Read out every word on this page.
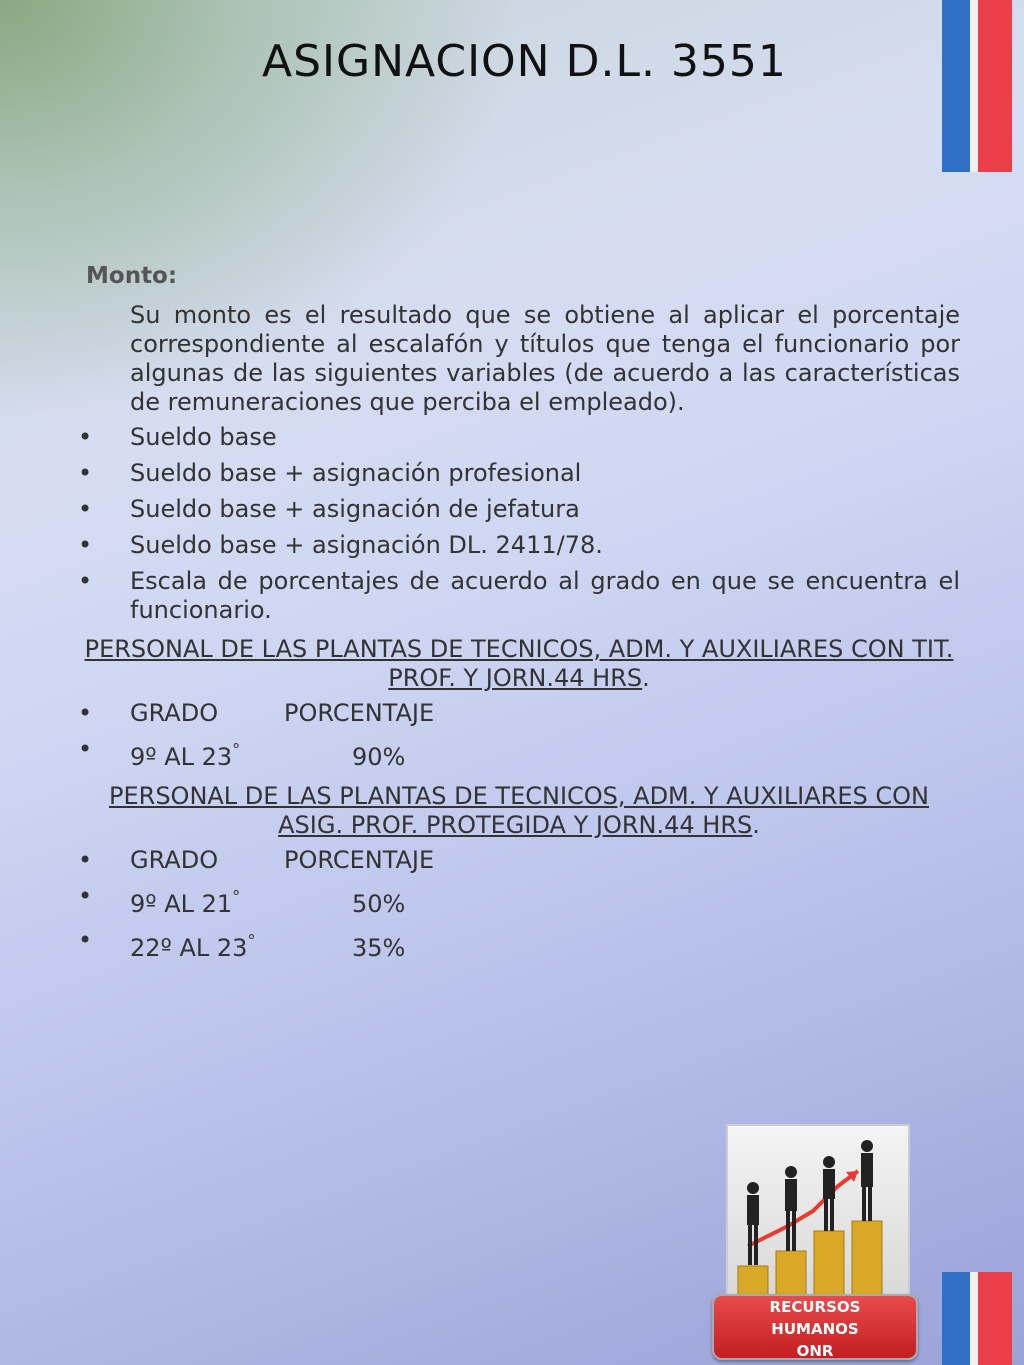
ASIGNACION D.L. 3551
Monto:
Su monto es el resultado que se obtiene al aplicar el porcentaje correspondiente al escalafón y títulos que tenga el funcionario por algunas de las siguientes variables (de acuerdo a las características de remuneraciones que perciba el empleado).
• Sueldo base
• Sueldo base + asignación profesional
• Sueldo base + asignación de jefatura
• Sueldo base + asignación DL. 2411/78.
• Escala de porcentajes de acuerdo al grado en que se encuentra el funcionario.

PERSONAL DE LAS PLANTAS DE TECNICOS, ADM. Y AUXILIARES CON TIT. PROF. Y JORN.44 HRS.

• GRADO	PORCENTAJE
• 9º AL 23°	90%

PERSONAL DE LAS PLANTAS DE TECNICOS, ADM. Y AUXILIARES CON ASIG. PROF. PROTEGIDA Y JORN.44 HRS.

• GRADO	PORCENTAJE
• 9º AL 21°	50%
• 22º AL 23°	35%
RECURSOS
HUMANOS
ONR
